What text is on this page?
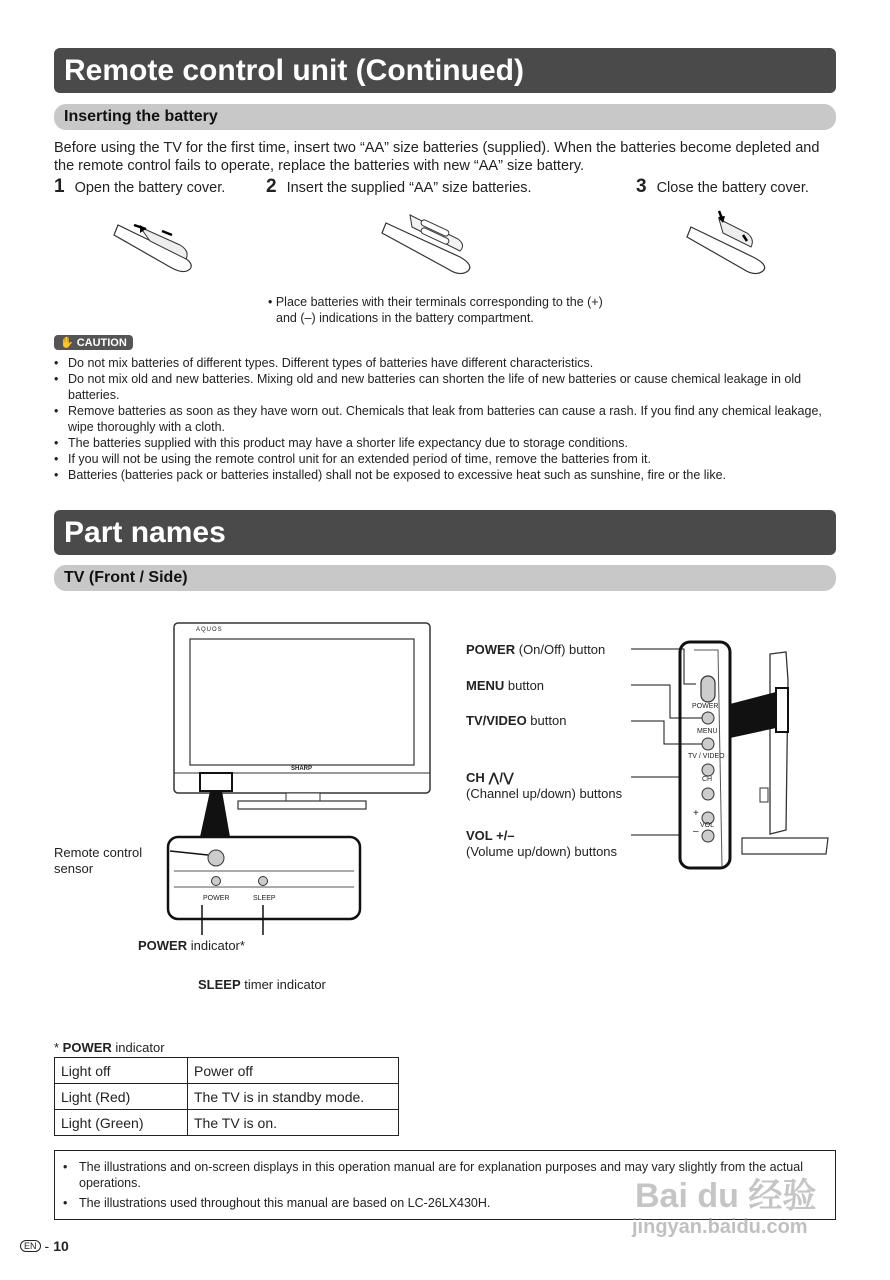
Remote control unit (Continued)
Inserting the battery
Before using the TV for the first time, insert two “AA” size batteries (supplied). When the batteries become depleted and the remote control fails to operate, replace the batteries with new “AA” size battery.
1 Open the battery cover. 2 Insert the supplied “AA” size batteries.	3 Close the battery cover.
• Place batteries with their terminals corresponding to the (+)
and (–) indications in the battery compartment.
✋ CAUTION
• Do not mix batteries of different types. Different types of batteries have different characteristics.
• Do not mix old and new batteries. Mixing old and new batteries can shorten the life of new batteries or cause chemical leakage in old batteries.
• Remove batteries as soon as they have worn out. Chemicals that leak from batteries can cause a rash. If you find any chemical leakage, wipe thoroughly with a cloth.
• The batteries supplied with this product may have a shorter life expectancy due to storage conditions.
• If you will not be using the remote control unit for an extended period of time, remove the batteries from it.
• Batteries (batteries pack or batteries installed) shall not be exposed to excessive heat such as sunshine, fire or the like.
Part names
TV (Front / Side)
AQUOS
SHARP
POWER	SLEEP
Remote control sensor
POWER indicator*
SLEEP timer indicator
POWER (On/Off) button
MENU button
TV/VIDEO button
CH ⋀/⋁
(Channel up/down) buttons
VOL +/–
(Volume up/down) buttons
POWER
MENU
TV / VIDEO
CH
VOL
+
–
* POWER indicator
Light off	Power off
Light (Red)	The TV is in standby mode.
Light (Green)	The TV is on.
• The illustrations and on-screen displays in this operation manual are for explanation purposes and may vary slightly from the actual operations.
• The illustrations used throughout this manual are based on LC-26LX430H.
EN - 10
Bai du 经验
jingyan.baidu.com
